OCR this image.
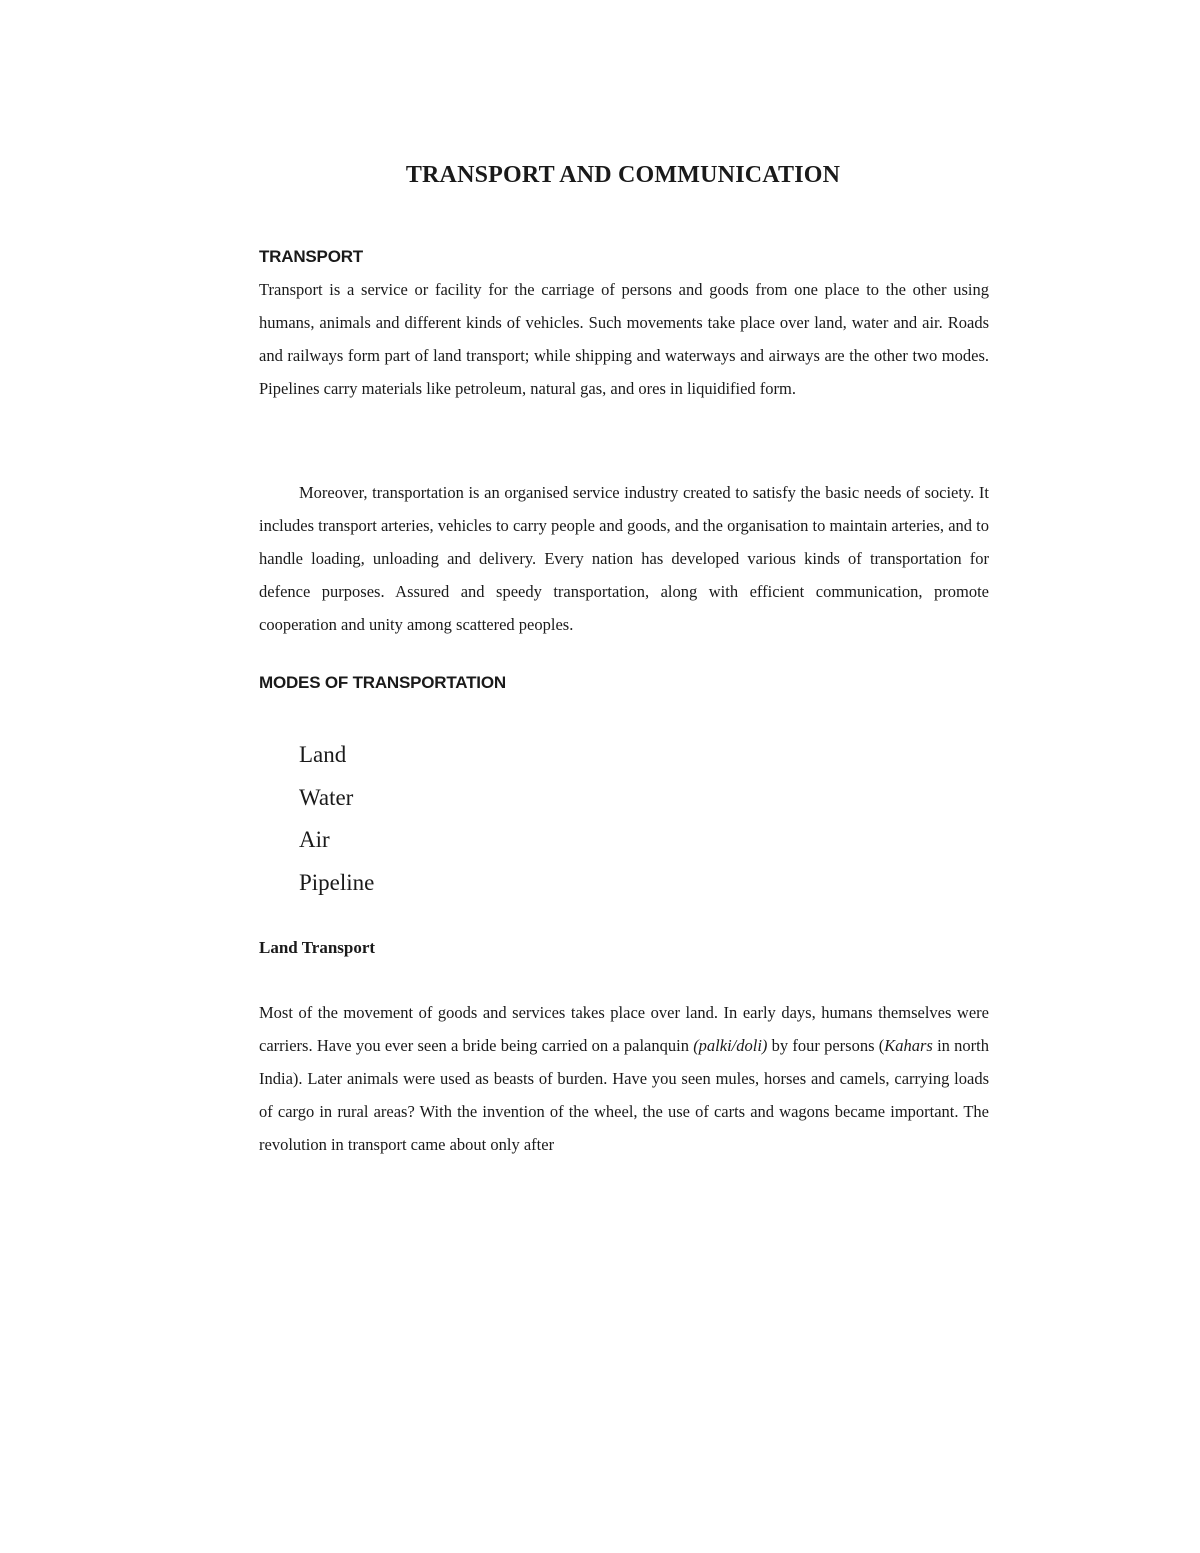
TRANSPORT AND COMMUNICATION
TRANSPORT

Transport is a service or facility for the carriage of persons and goods from one place to the other using humans, animals and different kinds of vehicles. Such movements take place over land, water and air. Roads and railways form part of land transport; while shipping and waterways and airways are the other two modes. Pipelines carry materials like petroleum, natural gas, and ores in liquidified form.

Moreover, transportation is an organised service industry created to satisfy the basic needs of society. It includes transport arteries, vehicles to carry people and goods, and the organisation to maintain arteries, and to handle loading, unloading and delivery. Every nation has developed various kinds of transportation for defence purposes. Assured and speedy transportation, along with efficient communication, promote cooperation and unity among scattered peoples.

MODES OF TRANSPORTATION
Land
Water
Air
Pipeline
Land Transport

Most of the movement of goods and services takes place over land. In early days, humans themselves were carriers. Have you ever seen a bride being carried on a palanquin (palki/doli) by four persons (Kahars in north India). Later animals were used as beasts of burden. Have you seen mules, horses and camels, carrying loads of cargo in rural areas? With the invention of the wheel, the use of carts and wagons became important. The revolution in transport came about only after
